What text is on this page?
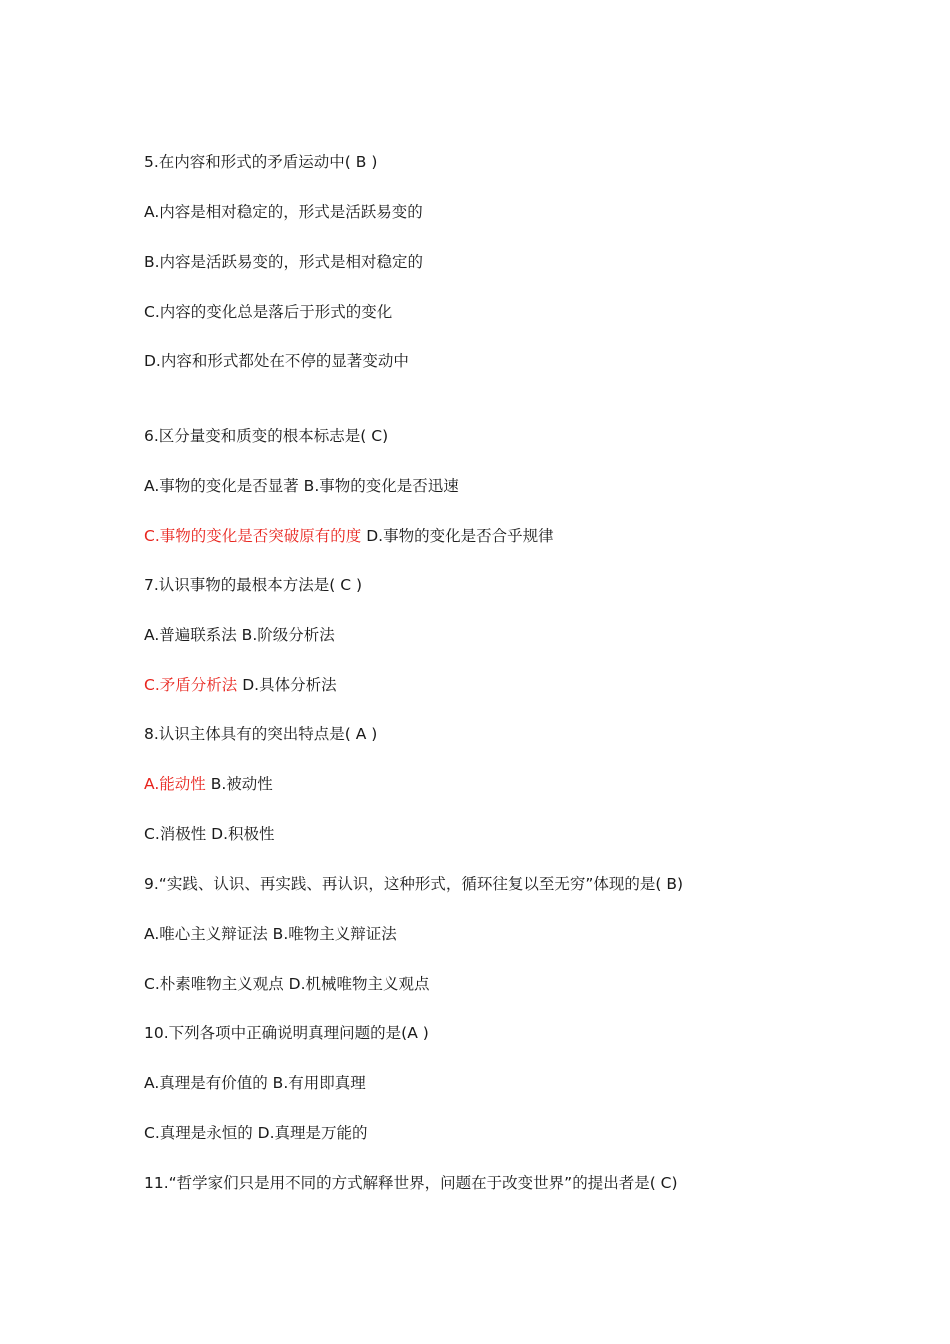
5.在内容和形式的矛盾运动中( B )

A.内容是相对稳定的，形式是活跃易变的

B.内容是活跃易变的，形式是相对稳定的

C.内容的变化总是落后于形式的变化

D.内容和形式都处在不停的显著变动中

6.区分量变和质变的根本标志是( C)

A.事物的变化是否显著 B.事物的变化是否迅速

C.事物的变化是否突破原有的度 D.事物的变化是否合乎规律

7.认识事物的最根本方法是( C )

A.普遍联系法 B.阶级分析法

C.矛盾分析法 D.具体分析法

8.认识主体具有的突出特点是( A )

A.能动性 B.被动性

C.消极性 D.积极性

9.“实践、认识、再实践、再认识，这种形式，循环往复以至无穷”体现的是( B)

A.唯心主义辩证法 B.唯物主义辩证法

C.朴素唯物主义观点 D.机械唯物主义观点

10.下列各项中正确说明真理问题的是(A )

A.真理是有价值的 B.有用即真理

C.真理是永恒的 D.真理是万能的

11.“哲学家们只是用不同的方式解释世界，问题在于改变世界”的提出者是( C)
